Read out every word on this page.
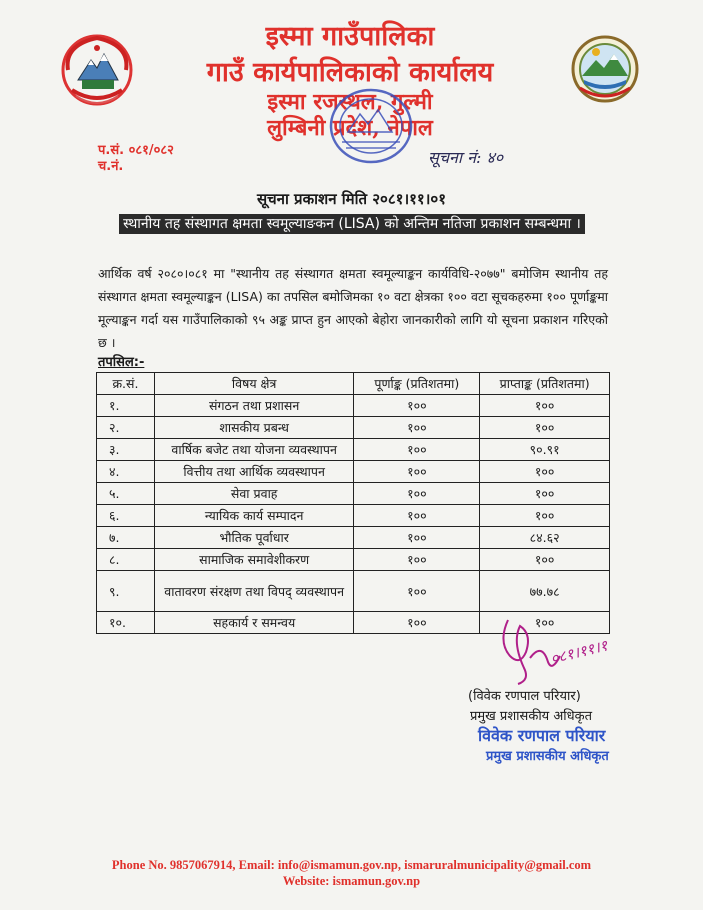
इस्मा गाउँपालिका
गाउँ कार्यपालिकाको कार्यालय
इस्मा रजस्थल, गुल्मी
लुम्बिनी प्रदेश, नेपाल
प.सं. ०८१/०८२
च.नं.	सूचना नं: ४०
सूचना प्रकाशन मिति २०८१।११।०१
स्थानीय तह संस्थागत क्षमता स्वमूल्याङकन (LISA) को अन्तिम नतिजा प्रकाशन सम्बन्धमा ।
आर्थिक वर्ष २०८०।०८१ मा "स्थानीय तह संस्थागत क्षमता स्वमूल्याङ्कन कार्यविधि-२०७७" बमोजिम स्थानीय तह संस्थागत क्षमता स्वमूल्याङ्कन (LISA) का तपसिल बमोजिमका १० वटा क्षेत्रका १०० वटा सूचकहरुमा १०० पूर्णाङ्कमा मूल्याङ्कन गर्दा यस गाउँपालिकाको ९५ अङ्क प्राप्त हुन आएको बेहोरा जानकारीको लागि यो सूचना प्रकाशन गरिएको छ ।
तपसिल:-
क्र.सं.	विषय क्षेत्र	पूर्णाङ्क (प्रतिशतमा)	प्राप्ताङ्क (प्रतिशतमा)
१.	संगठन तथा प्रशासन	१००	१००
२.	शासकीय प्रबन्ध	१००	१००
३.	वार्षिक बजेट तथा योजना व्यवस्थापन	१००	९०.९१
४.	वित्तीय तथा आर्थिक व्यवस्थापन	१००	१००
५.	सेवा प्रवाह	१००	१००
६.	न्यायिक कार्य सम्पादन	१००	१००
७.	भौतिक पूर्वाधार	१००	८४.६२
८.	सामाजिक समावेशीकरण	१००	१००
९.	वातावरण संरक्षण तथा विपद् व्यवस्थापन	१००	७७.७८
१०.	सहकार्य र समन्वय	१००	१००
०८१।११।१
(विवेक रणपाल परियार)
प्रमुख प्रशासकीय अधिकृत
विवेक रणपाल परियार
प्रमुख प्रशासकीय अधिकृत
Phone No. 9857067914, Email: info@ismamun.gov.np, ismaruralmunicipality@gmail.com
Website: ismamun.gov.np
